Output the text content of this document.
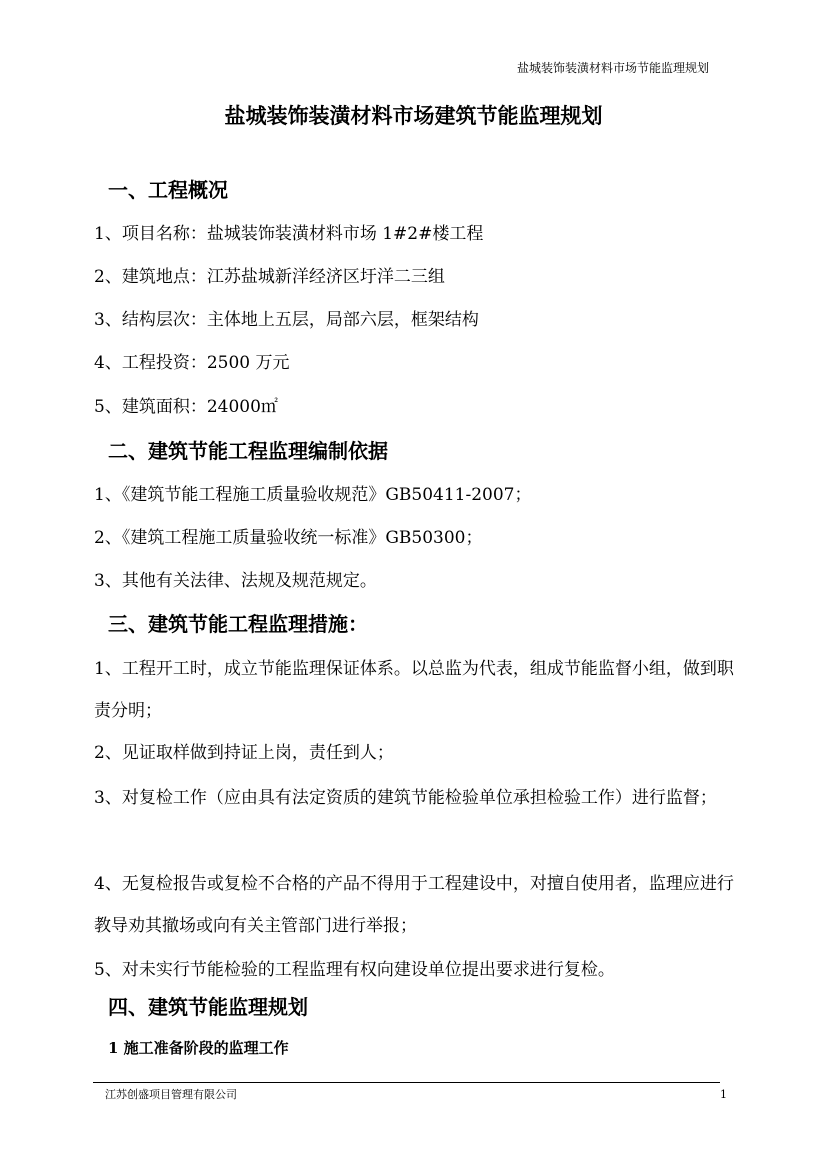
盐城装饰装潢材料市场节能监理规划
盐城装饰装潢材料市场建筑节能监理规划
一、工程概况
1、项目名称：盐城装饰装潢材料市场 1#2#楼工程
2、建筑地点：江苏盐城新洋经济区圩洋二三组
3、结构层次：主体地上五层，局部六层，框架结构
4、工程投资：2500 万元
5、建筑面积：24000㎡
二、建筑节能工程监理编制依据
1、《建筑节能工程施工质量验收规范》GB50411-2007；
2、《建筑工程施工质量验收统一标准》GB50300；
3、其他有关法律、法规及规范规定。
三、建筑节能工程监理措施：
1、工程开工时，成立节能监理保证体系。以总监为代表，组成节能监督小组，做到职责分明；
2、见证取样做到持证上岗，责任到人；
3、对复检工作（应由具有法定资质的建筑节能检验单位承担检验工作）进行监督；
4、无复检报告或复检不合格的产品不得用于工程建设中，对擅自使用者，监理应进行教导劝其撤场或向有关主管部门进行举报；
5、对未实行节能检验的工程监理有权向建设单位提出要求进行复检。
四、建筑节能监理规划
1 施工准备阶段的监理工作
江苏创盛项目管理有限公司	1
